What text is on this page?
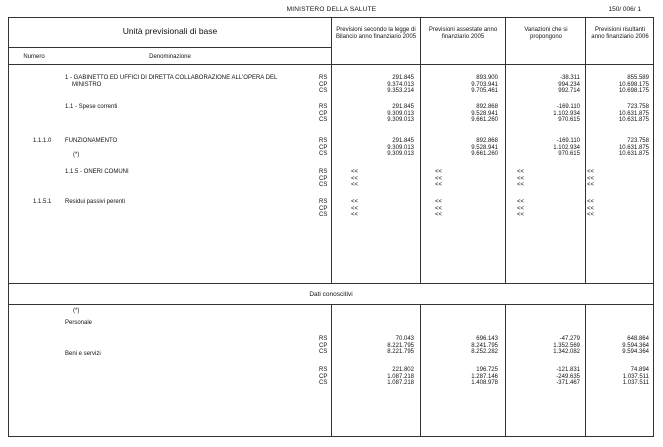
MINISTERO DELLA SALUTE	150/ 006/ 1
Unità previsionali di base
Numero	Denominazione
Previsioni secondo la legge di Bilancio anno finanziario 2005
Previsioni assestate anno finanziario 2005
Variazioni che si propongono
Previsioni risultanti anno finanziario 2006
Dati conoscitivi
1 - GABINETTO ED UFFICI DI DIRETTA COLLABORAZIONE ALL'OPERA DEL
MINISTRO
1.1 - Spese correnti
1.1.1.0 FUNZIONAMENTO
(*)
1.1.5 - ONERI COMUNI
1.1.5.1 Residui passivi perenti
(*)
Personale
Beni e servizi
RS
CP
CS
291.845
9.374.013
9.353.214
893.900
9.703.941
9.705.461
-38.311
994.234
992.714
855.589
10.698.175
10.698.175
RS
CP
CS
291.845
9.309.013
9.309.013
892.868
9.528.941
9.661.260
-169.110
1.102.934
970.615
723.758
10.631.875
10.631.875
RS
CP
CS
291.845
9.309.013
9.309.013
892.868
9.528.941
9.661.260
-169.110
1.102.934
970.615
723.758
10.631.875
10.631.875
RS
CP
CS
<<
<<
<<
<<
<<
<<
<<
<<
<<
<<
<<
<<
RS
CP
CS
<<
<<
<<
<<
<<
<<
<<
<<
<<
<<
<<
<<
RS
CP
CS
70.043
8.221.795
8.221.795
696.143
8.241.795
8.252.282
-47.279
1.352.569
1.342.082
648.864
9.594.364
9.594.364
RS
CP
CS
221.802
1.087.218
1.087.218
196.725
1.287.146
1.408.978
-121.831
-249.635
-371.467
74.894
1.037.511
1.037.511
